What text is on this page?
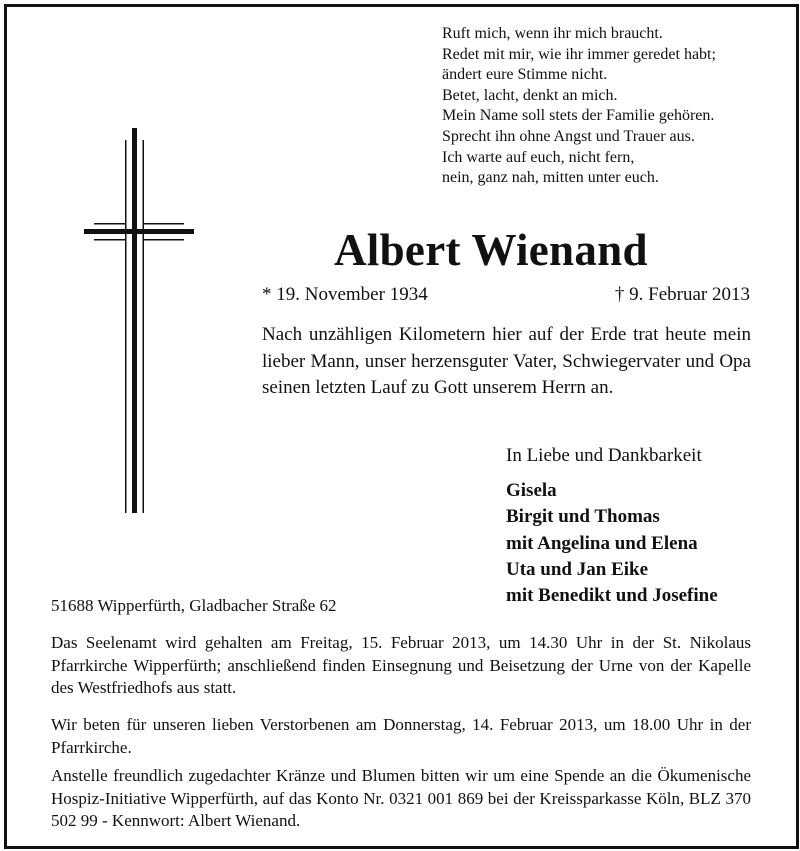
Ruft mich, wenn ihr mich braucht.
Redet mit mir, wie ihr immer geredet habt;
ändert eure Stimme nicht.
Betet, lacht, denkt an mich.
Mein Name soll stets der Familie gehören.
Sprecht ihn ohne Angst und Trauer aus.
Ich warte auf euch, nicht fern,
nein, ganz nah, mitten unter euch.
Albert Wienand
* 19. November 1934	† 9. Februar 2013
Nach unzähligen Kilometern hier auf der Erde trat heute mein lieber Mann, unser herzensguter Vater, Schwiegervater und Opa seinen letzten Lauf zu Gott unserem Herrn an.
In Liebe und Dankbarkeit
Gisela
Birgit und Thomas
mit Angelina und Elena
Uta und Jan Eike
mit Benedikt und Josefine
51688 Wipperfürth, Gladbacher Straße 62
Das Seelenamt wird gehalten am Freitag, 15. Februar 2013, um 14.30 Uhr in der St. Nikolaus Pfarrkirche Wipperfürth; anschließend finden Einsegnung und Beisetzung der Urne von der Kapelle des Westfriedhofs aus statt.
Wir beten für unseren lieben Verstorbenen am Donnerstag, 14. Februar 2013, um 18.00 Uhr in der Pfarrkirche.
Anstelle freundlich zugedachter Kränze und Blumen bitten wir um eine Spende an die Ökumenische Hospiz-Initiative Wipperfürth, auf das Konto Nr. 0321 001 869 bei der Kreissparkasse Köln, BLZ 370 502 99 - Kennwort: Albert Wienand.
